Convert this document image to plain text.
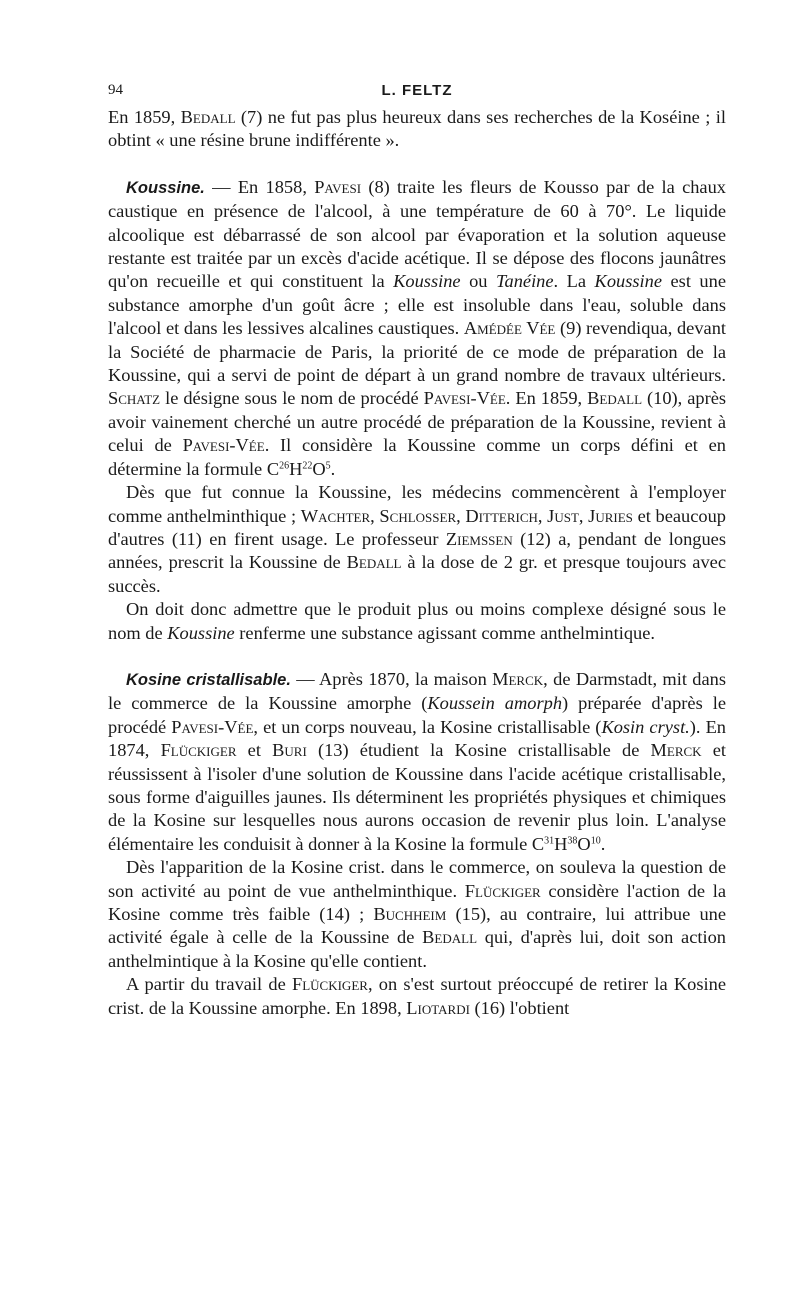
94	L. FELTZ

En 1859, Bedall (7) ne fut pas plus heureux dans ses recherches de la Koséine ; il obtint « une résine brune indifférente ».

Koussine. — En 1858, Pavesi (8) traite les fleurs de Kousso par de la chaux caustique en présence de l'alcool, à une température de 60 à 70°. Le liquide alcoolique est débarrassé de son alcool par évaporation et la solution aqueuse restante est traitée par un excès d'acide acétique. Il se dépose des flocons jaunâtres qu'on recueille et qui constituent la Koussine ou Tanéine. La Koussine est une substance amorphe d'un goût âcre ; elle est insoluble dans l'eau, soluble dans l'alcool et dans les lessives alcalines caustiques. Amédée Vée (9) revendiqua, devant la Société de pharmacie de Paris, la priorité de ce mode de préparation de la Koussine, qui a servi de point de départ à un grand nombre de travaux ultérieurs. Schatz le désigne sous le nom de procédé Pavesi-Vée. En 1859, Bedall (10), après avoir vainement cherché un autre procédé de préparation de la Koussine, revient à celui de Pavesi-Vée. Il considère la Koussine comme un corps défini et en détermine la formule $C^{26}H^{22}O^5$.

Dès que fut connue la Koussine, les médecins commencèrent à l'employer comme anthelminthique ; Wachter, Schlosser, Ditterich, Just, Juries et beaucoup d'autres (11) en firent usage. Le professeur Ziemssen (12) a, pendant de longues années, prescrit la Koussine de Bedall à la dose de 2 gr. et presque toujours avec succès.

On doit donc admettre que le produit plus ou moins complexe désigné sous le nom de Koussine renferme une substance agissant comme anthelmintique.

Kosine cristallisable. — Après 1870, la maison Merck, de Darmstadt, mit dans le commerce de la Koussine amorphe (Koussein amorph) préparée d'après le procédé Pavesi-Vée, et un corps nouveau, la Kosine cristallisable (Kosin cryst.). En 1874, Flückiger et Buri (13) étudient la Kosine cristallisable de Merck et réussissent à l'isoler d'une solution de Koussine dans l'acide acétique cristallisable, sous forme d'aiguilles jaunes. Ils déterminent les propriétés physiques et chimiques de la Kosine sur lesquelles nous aurons occasion de revenir plus loin. L'analyse élémentaire les conduisit à donner à la Kosine la formule $C^{31}H^{38}O^{10}$.

Dès l'apparition de la Kosine crist. dans le commerce, on souleva la question de son activité au point de vue anthelminthique. Flückiger considère l'action de la Kosine comme très faible (14) ; Buchheim (15), au contraire, lui attribue une activité égale à celle de la Koussine de Bedall qui, d'après lui, doit son action anthelmintique à la Kosine qu'elle contient.

A partir du travail de Flückiger, on s'est surtout préoccupé de retirer la Kosine crist. de la Koussine amorphe. En 1898, Liotardi (16) l'obtient
